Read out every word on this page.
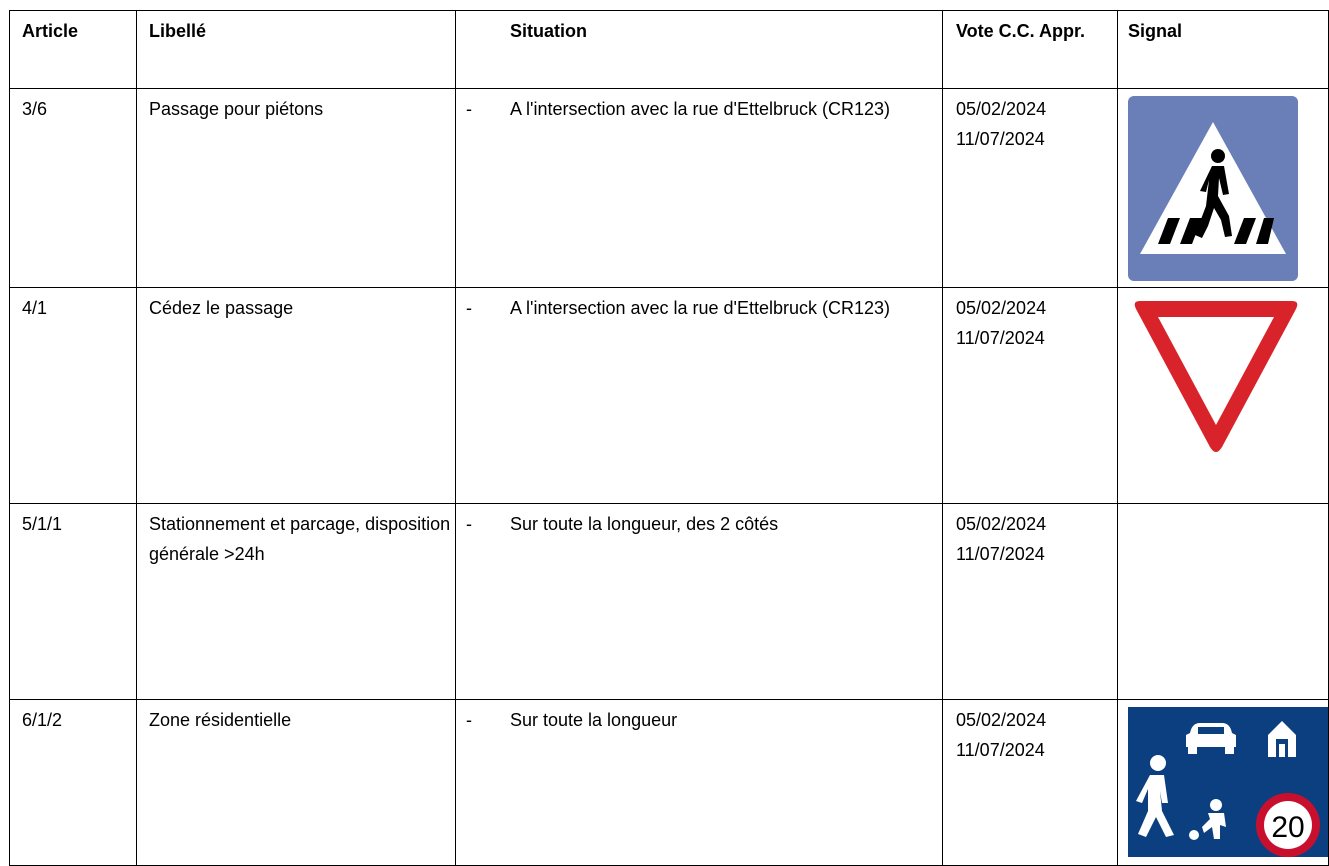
Article	Libellé		Situation	Vote C.C. Appr.	Signal
3/6	Passage pour piétons	-	A l'intersection avec la rue d'Ettelbruck (CR123)	05/02/2024
11/07/2024

4/1	Cédez le passage	-	A l'intersection avec la rue d'Ettelbruck (CR123)	05/02/2024
11/07/2024

5/1/1	Stationnement et parcage, disposition générale >24h	-	Sur toute la longueur, des 2 côtés	05/02/2024
11/07/2024	

6/1/2	Zone résidentielle	-	Sur toute la longueur	05/02/2024
11/07/2024	20
